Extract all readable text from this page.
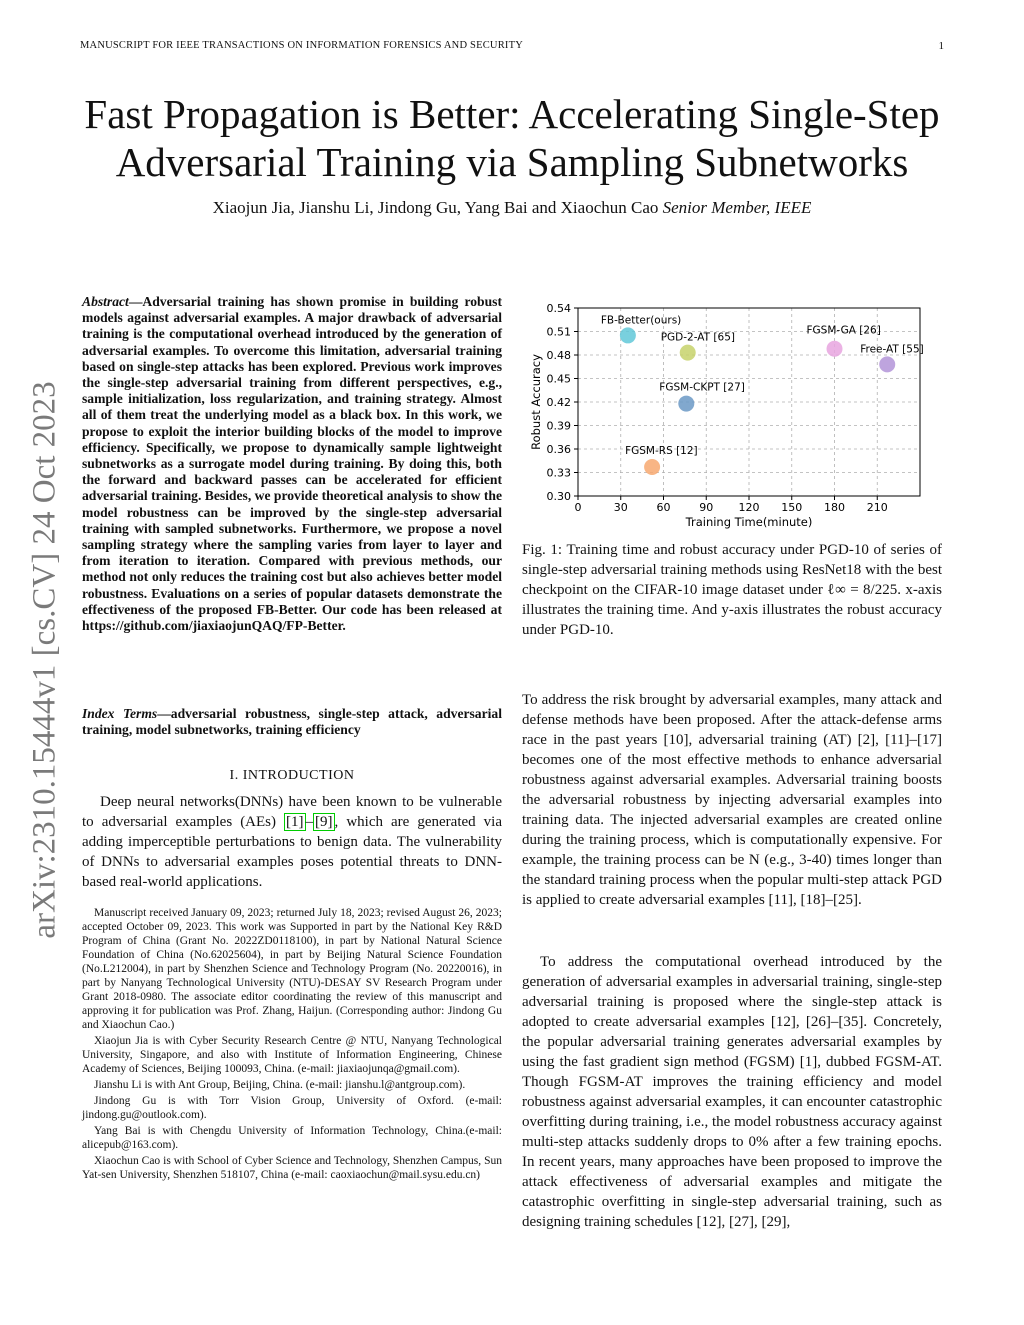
MANUSCRIPT FOR IEEE TRANSACTIONS ON INFORMATION FORENSICS AND SECURITY	1
arXiv:2310.15444v1 [cs.CV] 24 Oct 2023
Fast Propagation is Better: Accelerating Single-Step
Adversarial Training via Sampling Subnetworks
Xiaojun Jia, Jianshu Li, Jindong Gu, Yang Bai and Xiaochun Cao Senior Member, IEEE
Abstract—Adversarial training has shown promise in building robust models against adversarial examples. A major drawback of adversarial training is the computational overhead introduced by the generation of adversarial examples. To overcome this limitation, adversarial training based on single-step attacks has been explored. Previous work improves the single-step adversarial training from different perspectives, e.g., sample initialization, loss regularization, and training strategy. Almost all of them treat the underlying model as a black box. In this work, we propose to exploit the interior building blocks of the model to improve efficiency. Specifically, we propose to dynamically sample lightweight subnetworks as a surrogate model during training. By doing this, both the forward and backward passes can be accelerated for efficient adversarial training. Besides, we provide theoretical analysis to show the model robustness can be improved by the single-step adversarial training with sampled subnetworks. Furthermore, we propose a novel sampling strategy where the sampling varies from layer to layer and from iteration to iteration. Compared with previous methods, our method not only reduces the training cost but also achieves better model robustness. Evaluations on a series of popular datasets demonstrate the effectiveness of the proposed FB-Better. Our code has been released at https://github.com/jiaxiaojunQAQ/FP-Better.
Index Terms—adversarial robustness, single-step attack, adversarial training, model subnetworks, training efficiency
I. INTRODUCTION
Deep neural networks(DNNs) have been known to be vulnerable to adversarial examples (AEs) [1] – [9] , which are generated via adding imperceptible perturbations to benign data. The vulnerability of DNNs to adversarial examples poses potential threats to DNN-based real-world applications.

Manuscript received January 09, 2023; returned July 18, 2023; revised August 26, 2023; accepted October 09, 2023. This work was Supported in part by the National Key R&D Program of China (Grant No. 2022ZD0118100), in part by National Natural Science Foundation of China (No.62025604), in part by Beijing Natural Science Foundation (No.L212004), in part by Shenzhen Science and Technology Program (No. 20220016), in part by Nanyang Technological University (NTU)-DESAY SV Research Program under Grant 2018-0980. The associate editor coordinating the review of this manuscript and approving it for publication was Prof. Zhang, Haijun. (Corresponding author: Jindong Gu and Xiaochun Cao.)

Xiaojun Jia is with Cyber Security Research Centre @ NTU, Nanyang Technological University, Singapore, and also with Institute of Information Engineering, Chinese Academy of Sciences, Beijing 100093, China. (e-mail: jiaxiaojunqa@gmail.com).

Jianshu Li is with Ant Group, Beijing, China. (e-mail: jianshu.l@antgroup.com).

Jindong Gu is with Torr Vision Group, University of Oxford. (e-mail: jindong.gu@outlook.com).

Yang Bai is with Chengdu University of Information Technology, China.(e-mail: alicepub@163.com).

Xiaochun Cao is with School of Cyber Science and Technology, Shenzhen Campus, Sun Yat-sen University, Shenzhen 518107, China (e-mail: caoxiaochun@mail.sysu.edu.cn)

0	30	60	90 120 150 180 210
0.30
0.33
0.36
0.39
0.42
0.45
0.48
0.51
0.54
Training Time(minute)
Robust Accuracy
FB-Better(ours)
PGD-2-AT [65]
FGSM-GA [26]
Free-AT [55]
FGSM-CKPT [27]
FGSM-RS [12]
Fig. 1: Training time and robust accuracy under PGD-10 of series of single-step adversarial training methods using ResNet18 with the best checkpoint on the CIFAR-10 image dataset under ℓ∞ = 8/225. x-axis illustrates the training time. And y-axis illustrates the robust accuracy under PGD-10.
To address the risk brought by adversarial examples, many attack and defense methods have been proposed. After the attack-defense arms race in the past years [10], adversarial training (AT) [2], [11]–[17] becomes one of the most effective methods to enhance adversarial robustness against adversarial examples. Adversarial training boosts the adversarial robustness by injecting adversarial examples into training data. The injected adversarial examples are created online during the training process, which is computationally expensive. For example, the training process can be N (e.g., 3-40) times longer than the standard training process when the popular multi-step attack PGD is applied to create adversarial examples [11], [18]–[25].
To address the computational overhead introduced by the generation of adversarial examples in adversarial training, single-step adversarial training is proposed where the single-step attack is adopted to create adversarial examples [12], [26]–[35]. Concretely, the popular adversarial training generates adversarial examples by using the fast gradient sign method (FGSM) [1], dubbed FGSM-AT. Though FGSM-AT improves the training efficiency and model robustness against adversarial examples, it can encounter catastrophic overfitting during training, i.e., the model robustness accuracy against multi-step attacks suddenly drops to 0% after a few training epochs. In recent years, many approaches have been proposed to improve the attack effectiveness of adversarial examples and mitigate the catastrophic overfitting in single-step adversarial training, such as designing training schedules [12], [27], [29],
